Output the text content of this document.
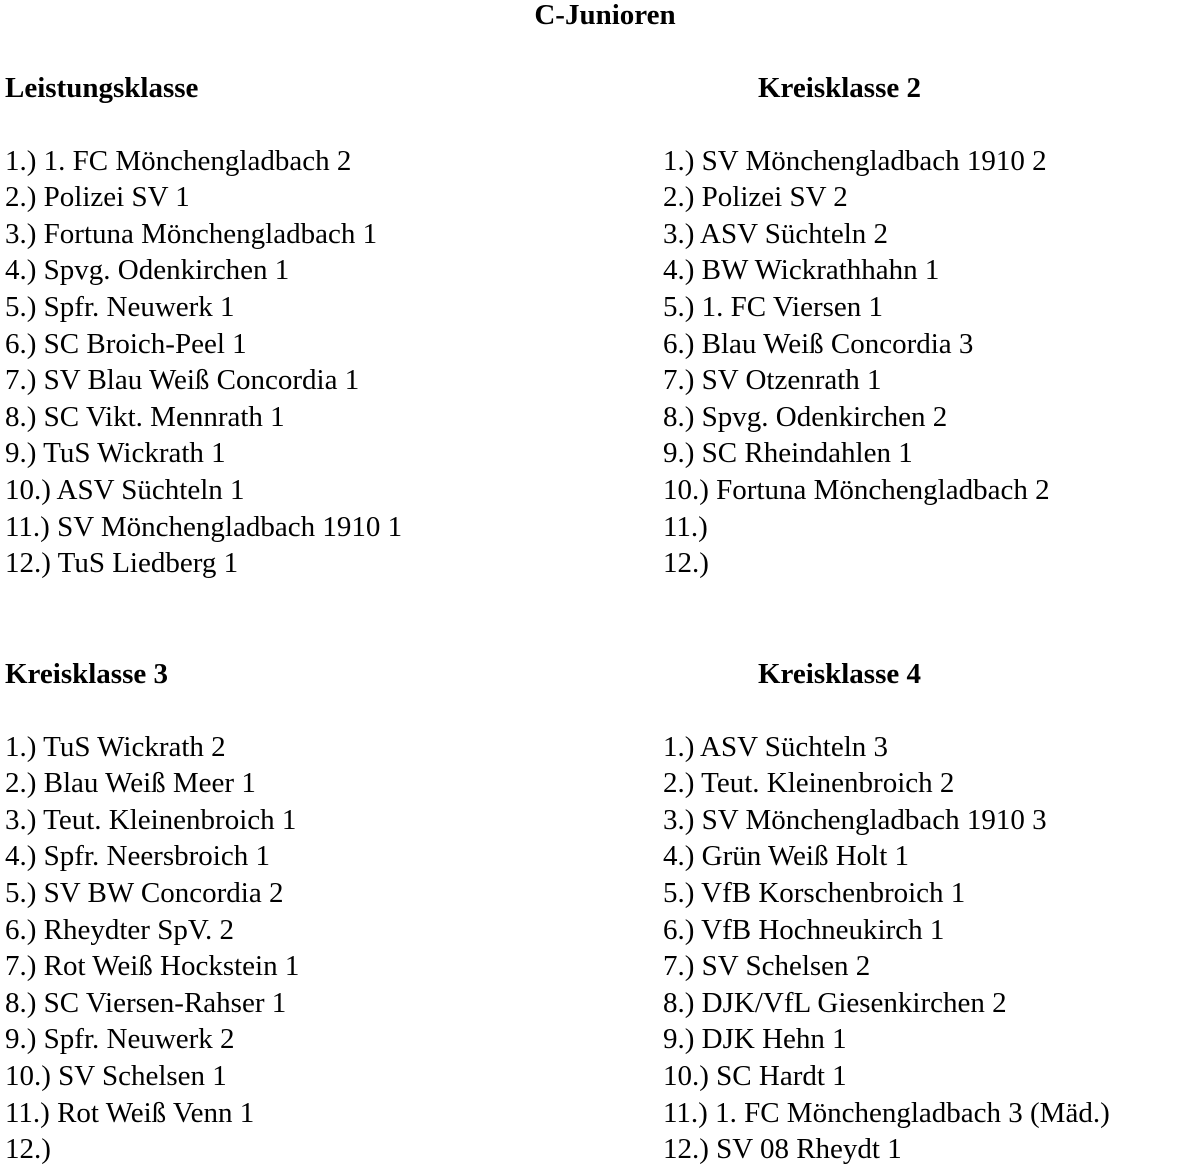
C-Junioren
Leistungsklasse
1.) 1. FC Mönchengladbach 2
2.) Polizei SV 1
3.) Fortuna Mönchengladbach 1
4.) Spvg. Odenkirchen 1
5.) Spfr. Neuwerk 1
6.) SC Broich-Peel 1
7.) SV Blau Weiß Concordia 1
8.) SC Vikt. Mennrath 1
9.) TuS Wickrath 1
10.) ASV Süchteln 1
11.) SV Mönchengladbach 1910 1
12.) TuS Liedberg 1
Kreisklasse 2
1.) SV Mönchengladbach 1910 2
2.) Polizei SV 2
3.) ASV Süchteln 2
4.) BW Wickrathhahn 1
5.) 1. FC Viersen 1
6.) Blau Weiß Concordia 3
7.) SV Otzenrath 1
8.) Spvg. Odenkirchen 2
9.) SC Rheindahlen 1
10.) Fortuna Mönchengladbach 2
11.)
12.)
Kreisklasse 3
1.) TuS Wickrath 2
2.) Blau Weiß Meer 1
3.) Teut. Kleinenbroich 1
4.) Spfr. Neersbroich 1
5.) SV BW Concordia 2
6.) Rheydter SpV. 2
7.) Rot Weiß Hockstein 1
8.) SC Viersen-Rahser 1
9.) Spfr. Neuwerk 2
10.) SV Schelsen 1
11.) Rot Weiß Venn 1
12.)
Kreisklasse 4
1.) ASV Süchteln 3
2.) Teut. Kleinenbroich 2
3.) SV Mönchengladbach 1910 3
4.) Grün Weiß Holt 1
5.) VfB Korschenbroich 1
6.) VfB Hochneukirch 1
7.) SV Schelsen 2
8.) DJK/VfL Giesenkirchen 2
9.) DJK Hehn 1
10.) SC Hardt 1
11.) 1. FC Mönchengladbach 3 (Mäd.)
12.) SV 08 Rheydt 1
